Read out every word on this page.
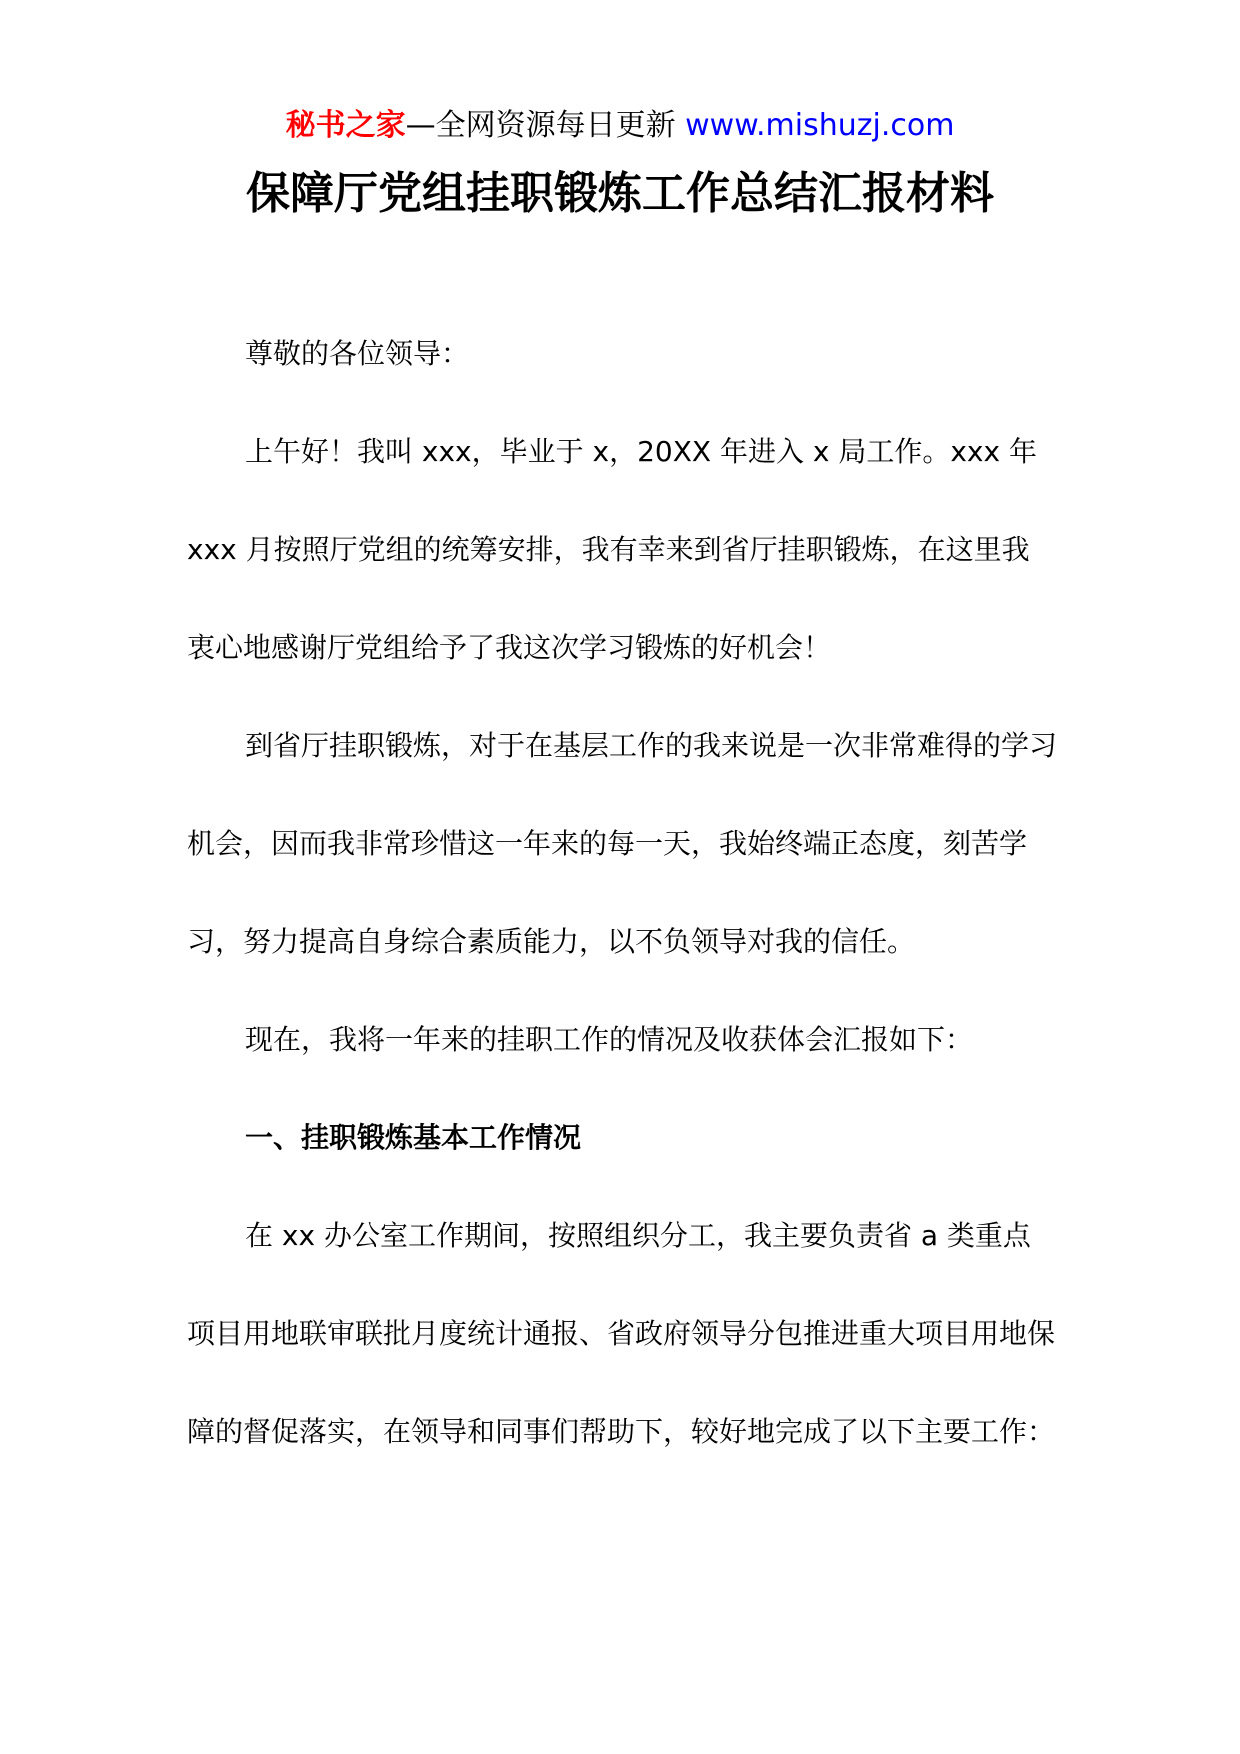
秘书之家—全网资源每日更新 www.mishuzj.com
保障厅党组挂职锻炼工作总结汇报材料

尊敬的各位领导：

上午好！我叫 xxx，毕业于 x，20XX 年进入 x 局工作。xxx 年 xxx 月按照厅党组的统筹安排，我有幸来到省厅挂职锻炼，在这里我衷心地感谢厅党组给予了我这次学习锻炼的好机会！

到省厅挂职锻炼，对于在基层工作的我来说是一次非常难得的学习机会，因而我非常珍惜这一年来的每一天，我始终端正态度，刻苦学习，努力提高自身综合素质能力，以不负领导对我的信任。

现在，我将一年来的挂职工作的情况及收获体会汇报如下：

一、挂职锻炼基本工作情况

在 xx 办公室工作期间，按照组织分工，我主要负责省 a 类重点项目用地联审联批月度统计通报、省政府领导分包推进重大项目用地保障的督促落实，在领导和同事们帮助下，较好地完成了以下主要工作：
